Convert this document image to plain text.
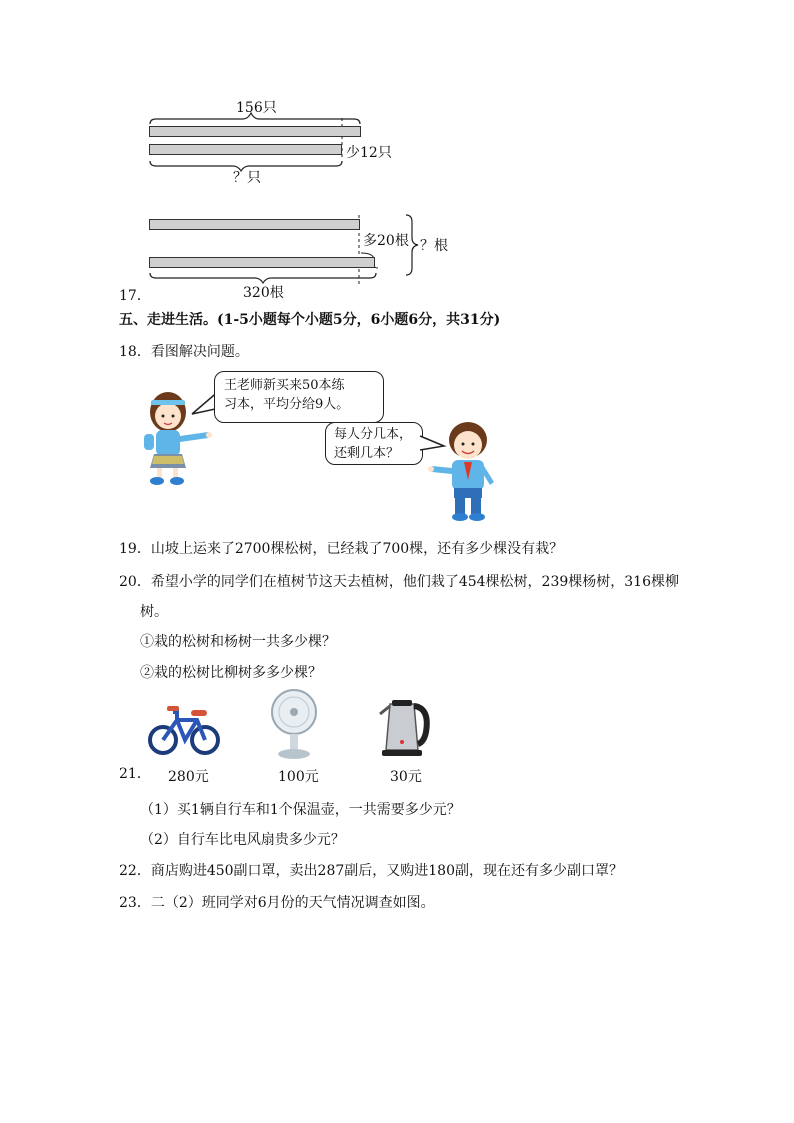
156只
少12只
？只
多20根 ？根
320根
17．
五、走进生活。(1-5小题每个小题5分，6小题6分，共31分)
18．看图解决问题。
王老师新买来50本练
习本，平均分给9人。
每人分几本，
还剩几本？
19．山坡上运来了2700棵松树，已经栽了700棵，还有多少棵没有栽？
20．希望小学的同学们在植树节这天去植树，他们栽了454棵松树，239棵杨树，316棵柳
树。
①栽的松树和杨树一共多少棵？
②栽的松树比柳树多多少棵？
21． 280元	100元	30元
（1）买1辆自行车和1个保温壶，一共需要多少元？
（2）自行车比电风扇贵多少元？
22．商店购进450副口罩，卖出287副后，又购进180副，现在还有多少副口罩？
23．二（2）班同学对6月份的天气情况调查如图。
